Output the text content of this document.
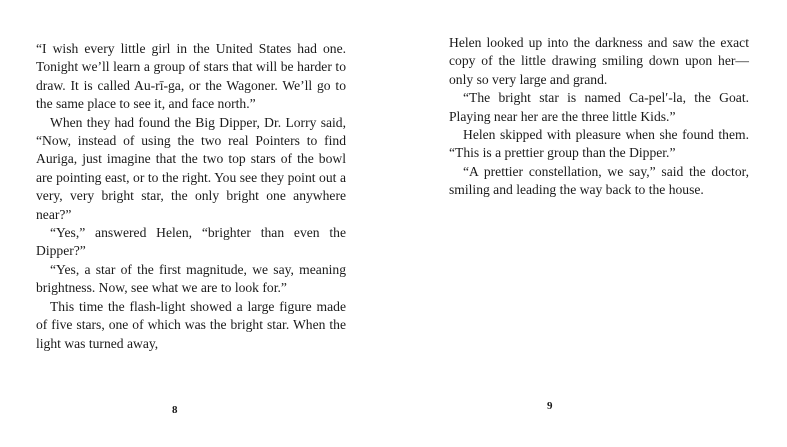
“I wish every little girl in the United States had one. Tonight we’ll learn a group of stars that will be harder to draw. It is called Au-rī-ga, or the Wagoner. We’ll go to the same place to see it, and face north.”

When they had found the Big Dipper, Dr. Lorry said, “Now, instead of using the two real Pointers to find Auriga, just imagine that the two top stars of the bowl are pointing east, or to the right. You see they point out a very, very bright star, the only bright one anywhere near?”

“Yes,” answered Helen, “brighter than even the Dipper?”

“Yes, a star of the first magnitude, we say, meaning brightness. Now, see what we are to look for.”

This time the flash-light showed a large figure made of five stars, one of which was the bright star. When the light was turned away,

8

Helen looked up into the darkness and saw the exact copy of the little drawing smiling down upon her—only so very large and grand.

“The bright star is named Ca-pel′-la, the Goat. Playing near her are the three little Kids.”

Helen skipped with pleasure when she found them. “This is a prettier group than the Dipper.”

“A prettier constellation, we say,” said the doctor, smiling and leading the way back to the house.

9
